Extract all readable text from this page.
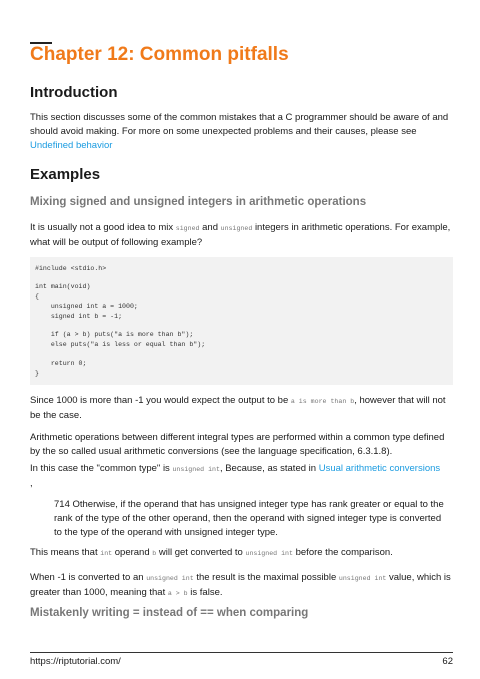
Chapter 12: Common pitfalls
Introduction

This section discusses some of the common mistakes that a C programmer should be aware of and should avoid making. For more on some unexpected problems and their causes, please see
Undefined behavior

Examples
Mixing signed and unsigned integers in arithmetic operations

It is usually not a good idea to mix signed and unsigned integers in arithmetic operations. For example, what will be output of following example?

#include <stdio.h>
int main(void)
{
unsigned int a = 1000;
signed int b = -1;
if (a > b) puts("a is more than b");
else puts("a is less or equal than b");
return 0;
}

Since 1000 is more than -1 you would expect the output to be a is more than b, however that will not be the case.

Arithmetic operations between different integral types are performed within a common type defined by the so called usual arithmetic conversions (see the language specification, 6.3.1.8).

In this case the "common type" is unsigned int, Because, as stated in Usual arithmetic conversions
,

714 Otherwise, if the operand that has unsigned integer type has rank greater or equal to the rank of the type of the other operand, then the operand with signed integer type is converted to the type of the operand with unsigned integer type.

This means that int operand b will get converted to unsigned int before the comparison.

When -1 is converted to an unsigned int the result is the maximal possible unsigned int value, which is greater than 1000, meaning that a > b is false.

Mistakenly writing = instead of == when comparing
https://riptutorial.com/	62
